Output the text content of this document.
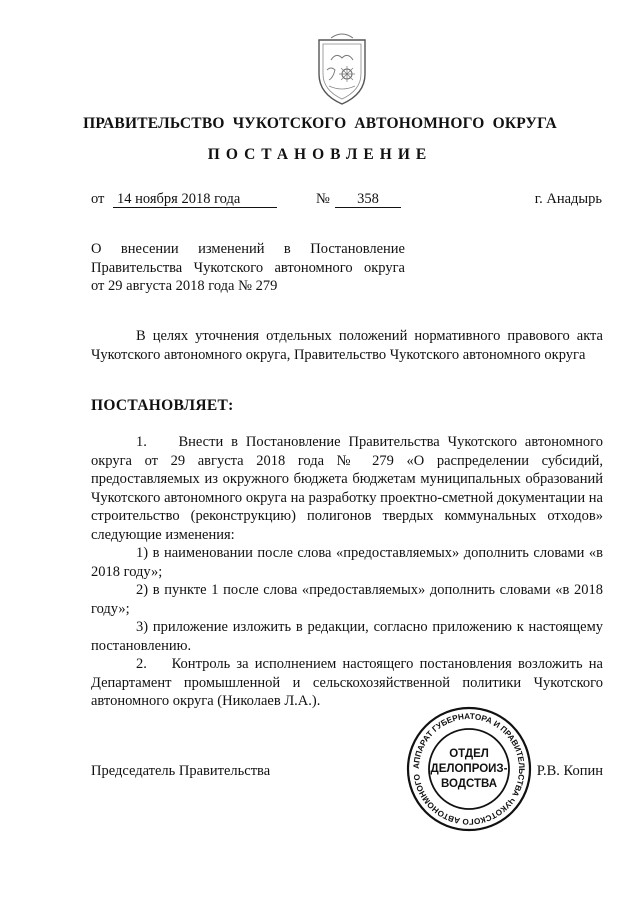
ПРАВИТЕЛЬСТВО ЧУКОТСКОГО АВТОНОМНОГО ОКРУГА
ПОСТАНОВЛЕНИЕ
от 14 ноября 2018 года	№	358	г. Анадырь
О внесении изменений в Постановление
Правительства Чукотского автономного округа
от 29 августа 2018 года № 279

В целях уточнения отдельных положений нормативного правового акта Чукотского автономного округа, Правительство Чукотского автономного округа

ПОСТАНОВЛЯЕТ:

1.    Внести в Постановление Правительства Чукотского автономного округа от 29 августа 2018 года № 279 «О распределении субсидий, предоставляемых из окружного бюджета бюджетам муниципальных образований Чукотского автономного округа на разработку проектно-сметной документации на строительство (реконструкцию) полигонов твердых коммунальных отходов» следующие изменения:

1) в наименовании после слова «предоставляемых» дополнить словами «в 2018 году»;

2) в пункте 1 после слова «предоставляемых» дополнить словами «в 2018 году»;

3) приложение изложить в редакции, согласно приложению к настоящему постановлению.

2.    Контроль за исполнением настоящего постановления возложить на Департамент промышленной и сельскохозяйственной политики Чукотского автономного округа (Николаев Л.А.).

Председатель Правительства	АППАРАТ ГУБЕРНАТОРА И ПРАВИТЕЛЬСТВА ЧУКОТСКОГО АВТОНОМНОГО
ОТДЕЛ
ДЕЛОПРОИЗ-
ВОДСТВА
Р.В. Копин
